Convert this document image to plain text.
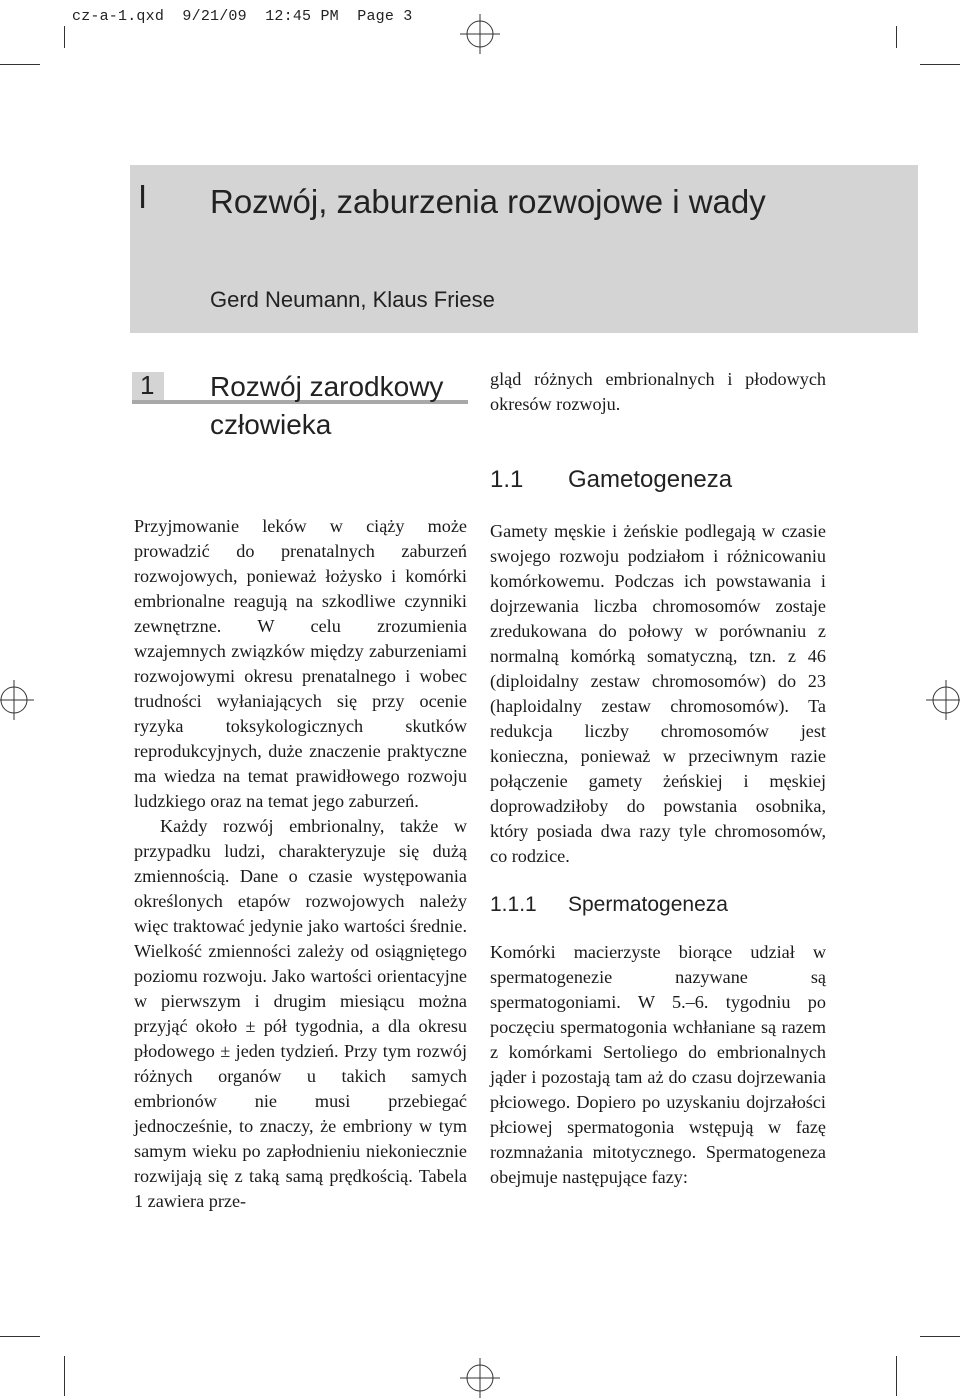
cz-a-1.qxd  9/21/09  12:45 PM  Page 3
I Rozwój, zaburzenia rozwojowe i wady
Gerd Neumann, Klaus Friese
1 Rozwój zarodkowy człowieka

Przyjmowanie leków w ciąży może prowadzić do prenatalnych zaburzeń rozwojowych, ponieważ łożysko i komórki embrionalne reagują na szkodliwe czynniki zewnętrzne. W celu zrozumienia wzajemnych związków między zaburzeniami rozwojowymi okresu prenatalnego i wobec trudności wyłaniających się przy ocenie ryzyka toksykologicznych skutków reprodukcyjnych, duże znaczenie praktyczne ma wiedza na temat prawidłowego rozwoju ludzkiego oraz na temat jego zaburzeń.

Każdy rozwój embrionalny, także w przypadku ludzi, charakteryzuje się dużą zmiennością. Dane o czasie występowania określonych etapów rozwojowych należy więc traktować jedynie jako wartości średnie. Wielkość zmienności zależy od osiągniętego poziomu rozwoju. Jako wartości orientacyjne w pierwszym i drugim miesiącu można przyjąć około ± pół tygodnia, a dla okresu płodowego ± jeden tydzień. Przy tym rozwój różnych organów u takich samych embrionów nie musi przebiegać jednocześnie, to znaczy, że embriony w tym samym wieku po zapłodnieniu niekoniecznie rozwijają się z taką samą prędkością. Tabela 1 zawiera prze-

gląd różnych embrionalnych i płodowych okresów rozwoju.

1.1 Gametogeneza

Gamety męskie i żeńskie podlegają w czasie swojego rozwoju podziałom i różnicowaniu komórkowemu. Podczas ich powstawania i dojrzewania liczba chromosomów zostaje zredukowana do połowy w porównaniu z normalną komórką somatyczną, tzn. z 46 (diploidalny zestaw chromosomów) do 23 (haploidalny zestaw chromosomów). Ta redukcja liczby chromosomów jest konieczna, ponieważ w przeciwnym razie połączenie gamety żeńskiej i męskiej doprowadziłoby do powstania osobnika, który posiada dwa razy tyle chromosomów, co rodzice.

1.1.1 Spermatogeneza

Komórki macierzyste biorące udział w spermatogenezie nazywane są spermatogoniami. W 5.–6. tygodniu po poczęciu spermatogonia wchłaniane są razem z komórkami Sertoliego do embrionalnych jąder i pozostają tam aż do czasu dojrzewania płciowego. Dopiero po uzyskaniu dojrzałości płciowej spermatogonia wstępują w fazę rozmnażania mitotycznego. Spermatogeneza obejmuje następujące fazy:
